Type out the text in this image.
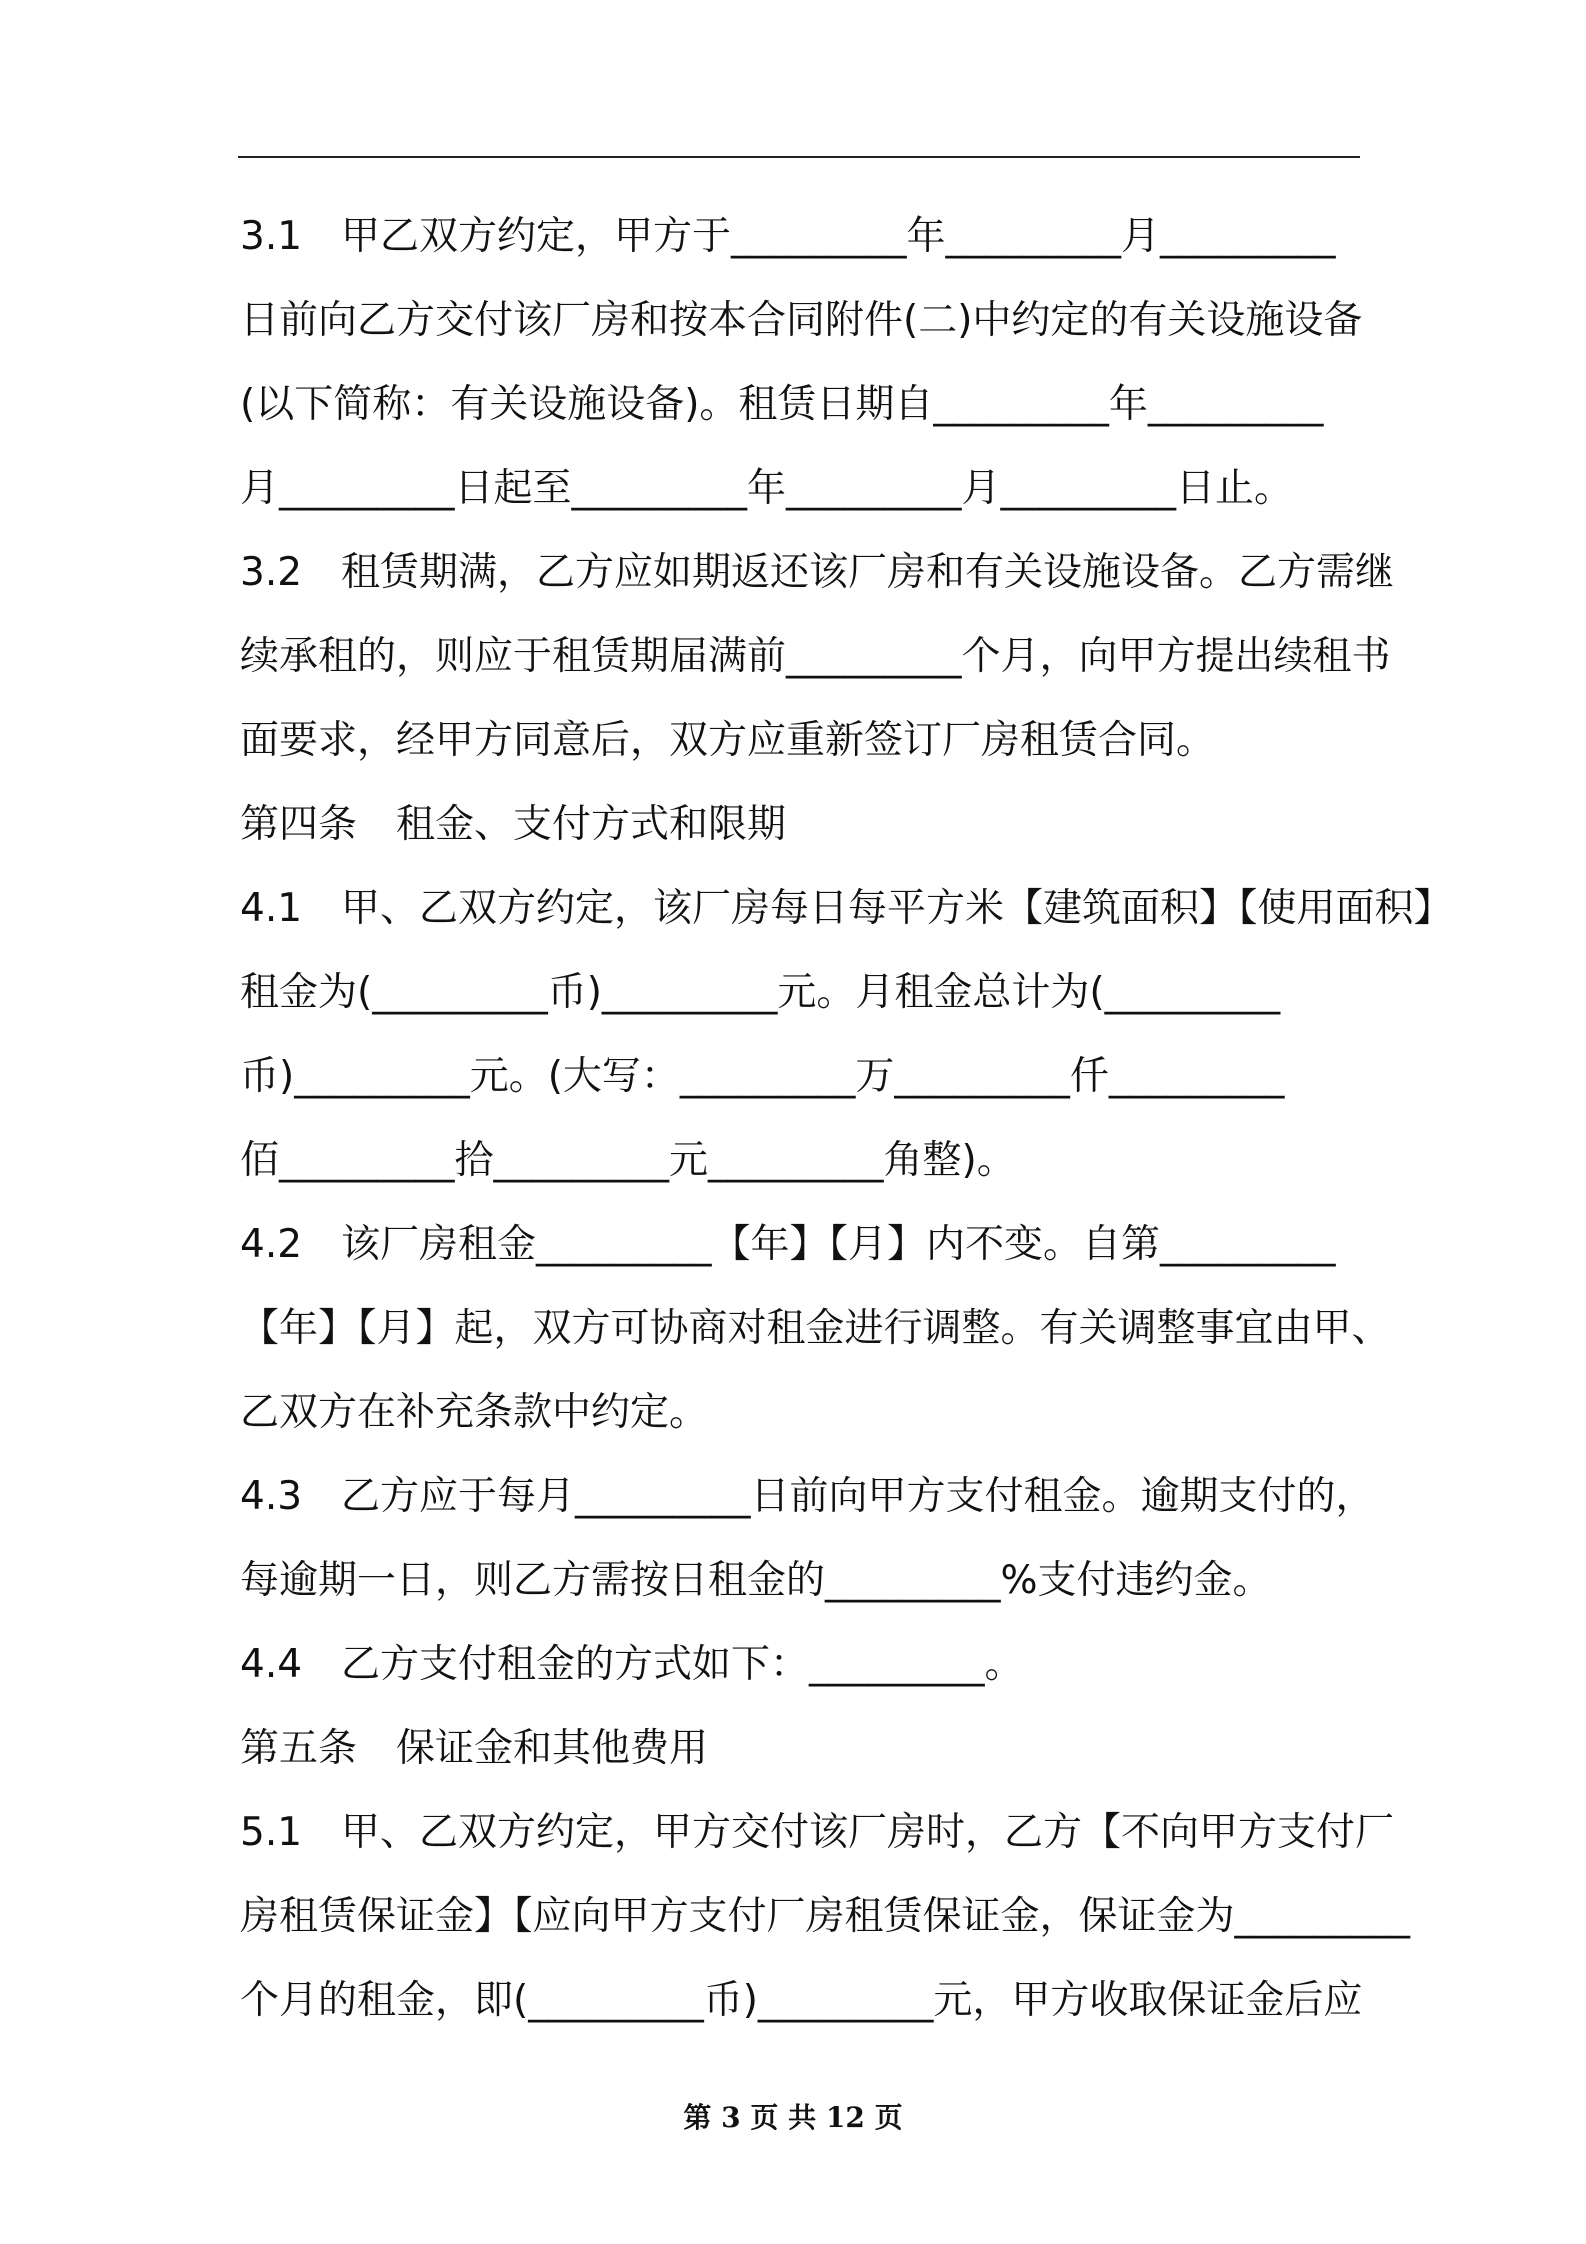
3.1　甲乙双方约定，甲方于_________年_________月_________
日前向乙方交付该厂房和按本合同附件(二)中约定的有关设施设备
(以下简称：有关设施设备)。租赁日期自_________年_________
月_________日起至_________年_________月_________日止。
3.2　租赁期满，乙方应如期返还该厂房和有关设施设备。乙方需继
续承租的，则应于租赁期届满前_________个月，向甲方提出续租书
面要求，经甲方同意后，双方应重新签订厂房租赁合同。
第四条　租金、支付方式和限期
4.1　甲、乙双方约定，该厂房每日每平方米【建筑面积】【使用面积】
租金为(_________币)_________元。月租金总计为(_________
币)_________元。(大写：_________万_________仟_________
佰_________拾_________元_________角整)。
4.2　该厂房租金_________【年】【月】内不变。自第_________
【年】【月】起，双方可协商对租金进行调整。有关调整事宜由甲、
乙双方在补充条款中约定。
4.3　乙方应于每月_________日前向甲方支付租金。逾期支付的，
每逾期一日，则乙方需按日租金的_________%支付违约金。
4.4　乙方支付租金的方式如下：_________。
第五条　保证金和其他费用
5.1　甲、乙双方约定，甲方交付该厂房时，乙方【不向甲方支付厂
房租赁保证金】【应向甲方支付厂房租赁保证金，保证金为_________
个月的租金，即(_________币)_________元，甲方收取保证金后应
第 3 页 共 12 页
